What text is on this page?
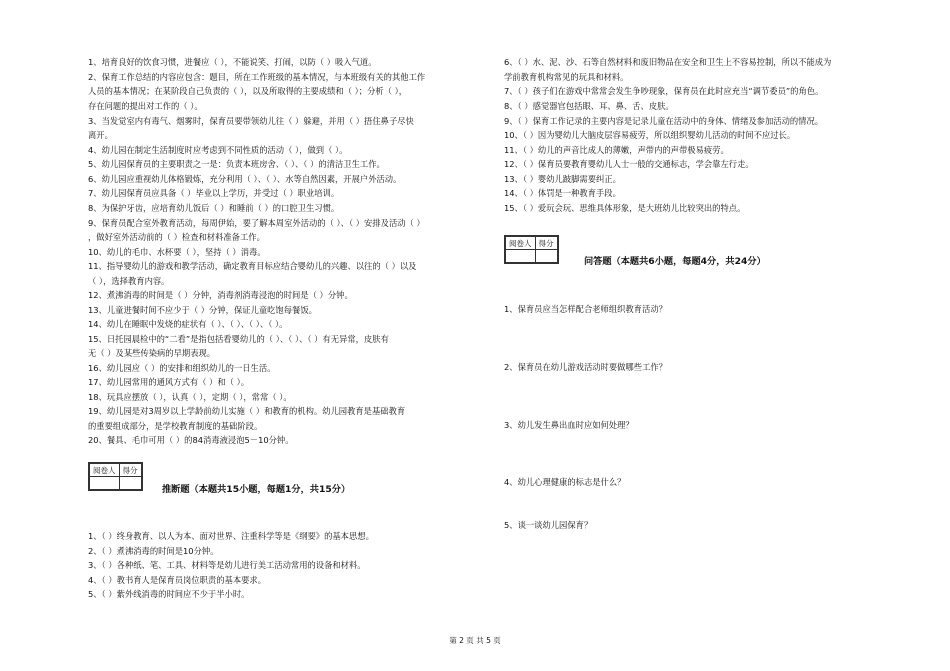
1、培育良好的饮食习惯，进餐应（ ），不能说笑、打闹，以防（ ）吸入气道。
2、保育工作总结的内容应包含：题目，所在工作班级的基本情况，与本班级有关的其他工作
人员的基本情况；在某阶段自己负责的（ ），以及所取得的主要成绩和（ ）；分析（ ），
存在问题的提出对工作的（ ）。
3、当发觉室内有毒气、烟雾时，保育员要带领幼儿往（ ）躲避，并用（ ）捂住鼻子尽快
离开。
4、幼儿园在制定生活制度时应考虑到不同性质的活动（ ），做到（ ）。
5、幼儿园保育员的主要职责之一是：负责本班房舍、（ ）、（ ）的清洁卫生工作。
6、幼儿园应重视幼儿体格锻炼，充分利用（ ）、（ ）、水等自然因素，开展户外活动。
7、幼儿园保育员应具备（ ）毕业以上学历，并受过（ ）职业培训。
8、为保护牙齿，应培育幼儿饭后（ ）和睡前（ ）的口腔卫生习惯。
9、保育员配合室外教育活动，每周伊始，要了解本周室外活动的（ ）、（ ）安排及活动（ ）
，做好室外活动前的（ ）检查和材料准备工作。
10、幼儿的毛巾、水杯要（ ），坚持（ ）消毒。
11、指导婴幼儿的游戏和教学活动，确定教育目标应结合婴幼儿的兴趣、以往的（ ）以及
（ ），选择教育内容。
12、煮沸消毒的时间是（ ）分钟，消毒剂消毒浸泡的时间是（ ）分钟。
13、儿童进餐时间不应少于（ ）分钟，保证儿童吃饱每餐饭。
14、幼儿在睡眠中发烧的症状有（ ）、（ ）、（ ）、（ ）。
15、日托园晨检中的“二看”是指包括看婴幼儿的（ ）、（ ）、（ ）有无异常，皮肤有
无（ ）及某些传染病的早期表现。
16、幼儿园应（ ）的安排和组织幼儿的一日生活。
17、幼儿园常用的通风方式有（ ）和（ ）。
18、玩具应摆放（ ），认真（ ），定期（ ），常常（ ）。
19、幼儿园是对3周岁以上学龄前幼儿实施（ ）和教育的机构。幼儿园教育是基础教育
的重要组成部分，是学校教育制度的基础阶段。
20、餐具、毛巾可用（ ）的84消毒液浸泡5－10分钟。
阅卷人	得分

推断题（本题共15小题，每题1分，共15分）
1、（ ）终身教育、以人为本、面对世界、注重科学等是《纲要》的基本思想。
2、（ ）煮沸消毒的时间是10分钟。
3、（ ）各种纸、笔、工具、材料等是幼儿进行美工活动常用的设备和材料。
4、（ ）教书育人是保育员岗位职责的基本要求。
5、（ ）紫外线消毒的时间应不少于半小时。
6、（ ）水、泥、沙、石等自然材料和废旧物品在安全和卫生上不容易控制，所以不能成为
学前教育机构常见的玩具和材料。
7、（ ）孩子们在游戏中常常会发生争吵现象，保育员在此时应充当“调节委员”的角色。
8、（ ）感觉器官包括眼、耳、鼻、舌、皮肤。
9、（ ）保育工作记录的主要内容是记录儿童在活动中的身体、情绪及参加活动的情况。
10、（ ）因为婴幼儿大脑皮层容易疲劳，所以组织婴幼儿活动的时间不应过长。
11、（ ）幼儿的声音比成人的薄嫩，声带内的声带极易疲劳。
12、（ ）保育员要教育婴幼儿人士一般的交通标志，学会靠左行走。
13、（ ）婴幼儿跛脚需要纠正。
14、（ ）体罚是一种教育手段。
15、（ ）爱玩会玩、思维具体形象，是大班幼儿比较突出的特点。
阅卷人	得分

问答题（本题共6小题，每题4分，共24分）
1、保育员应当怎样配合老师组织教育活动？
2、保育员在幼儿游戏活动时要做哪些工作？
3、幼儿发生鼻出血时应如何处理？
4、幼儿心理健康的标志是什么？
5、谈一谈幼儿园保育？
第 2 页 共 5 页
